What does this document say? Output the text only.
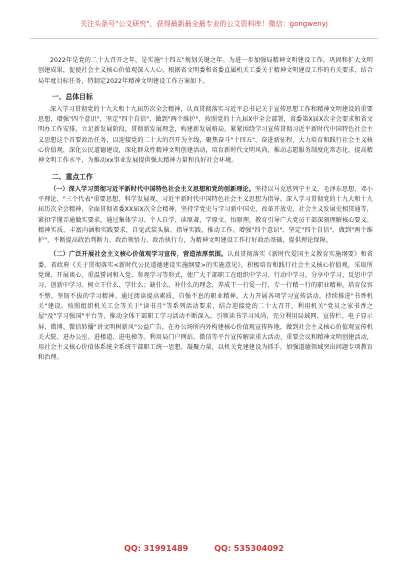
关注头条号"公文研究"，获得最新最全最专业的公文资料库！微信：gongwenyj

2022年是党的二十大召开之年，是实施"十四五"规划关键之年。为进一步加强局精神文明建设工作，巩固和扩大文明创建成果，促使社会主义核心价值观深入人心，根据省文明委和省委直属机关工委关于精神文明建设工作的有关要求，结合局年度目标任务，特制定2022年精神文明建设工作方案如下。

一、总体目标

深入学习贯彻党的十九大和十九届历次全会精神，认真贯彻落实习近平总书记关于宣传思想工作和精神文明建设的重要思想，增强"四个意识"，坚定"四个自信"，做到"两个维护"，按照党的十九届X中全会部署，省委第X届X次全会要求和省文明办工作安排，立足新发展阶段，贯彻新发展理念，构建新发展格局，紧紧围绕学习宣传贯彻习近平新时代中国特色社会主义思想这个首要政治任务，以迎接党的二十大的召开为主线，聚焦奋斗"十四五"、奋进新征程，大力培育和践行社会主义核心价值观，深化公民道德建设，深化群众性精神文明创建活动，培育新时代文明风尚，推动志愿服务制度化常态化，提高精神文明工作水平，为推动xx事业发展提供强大精神力量和良好社会环境。

二、重点工作

（一）深入学习贯彻习近平新时代中国特色社会主义思想和党的创新理论。坚持以马克思列宁主义、毛泽东思想、邓小平理论、"三个代表"重要思想、科学发展观、习近平新时代中国特色社会主义思想为指导。深入学习贯彻党的十九大和十九届历次全会精神，全面贯彻省委XX届X次全会精神，坚持学党史与学习新中国史、改革开放史、社会主义发展史相贯通等，紧扣学懂弄通做实要求，通过集体学习、个人自学、读原著、学原文、悟原理，教育引导广大党员干部深刻理解核心要义、精神实质、丰富内涵和实践要求，自觉武装头脑、指导实践、推动工作。增强"四个意识"、坚定"四个自信"、做到"两个维护"，不断提高政治判断力、政治领悟力、政治执行力，为精神文明建设工作打好政治基础，提供理论保障。

（二）广泛开展社会主义核心价值观学习宣传，营造浓厚氛围。认真贯彻落实《新时代爱国主义教育实施纲要》和省委、省政府《关于贯彻落实<新时代公民道德建设实施纲要>的实施意见》，积极培育和践行社会主义核心价值观，采取所党课、开展谈心、重温誓词和入党、参观学习等形式，使广大干部职工在组织中学习、行动中学习、分享中学习、反思中学习、创新中学习。树立干什么、学什么；缺什么、补什么的理念，养成干一行爱一行、专一行精一行的职业精神，培育仪容不整、坚韧不拔的学习精神。通过阅读提高素质，自强不息的职业精神。大力开展各项学习宣传活动，持续推进"书香机关"建设。按照组织机关工会等关于"读书月"等系列活动要求，结合迎接党的二十大召开，利用机关"党员之家书香之屋"及"学习强国"平台等，推动全体干部职工学习活动不断深入。引领读书学习风尚，充分利用局域网、宣传栏、电子显示屏、微博、微信转播"讲文明树新风"公益广告，在办公场所内外构建核心价值观宣传阵地，做到社会主义核心价值观宣传机关大院、进办公室、进楼道、进电梯等。利用局门户网站、微信等平台宣传解读重大活动、重要会议和精神文明创建活动，用社会主义核心价值体系统全系统干部职工统一思想、凝聚力量，以机关党建建设为抓手，加强道德领域突出问题专项教育和治理。

QQ: 31991489	QQ: 535304092
